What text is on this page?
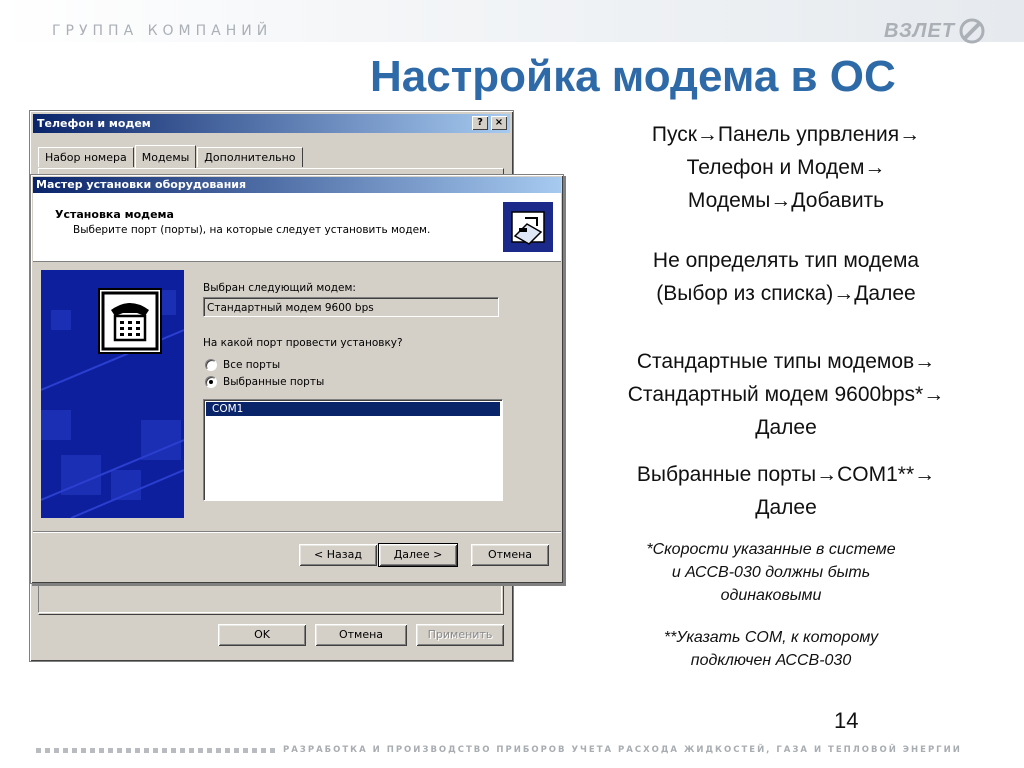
ГРУППА КОМПАНИЙ	ВЗЛЕТ
Настройка модема в ОС
Телефон и модем	?	×
Набор номера	Модемы	Дополнительно
OK	Отмена	Применить
Мастер установки оборудования
Установка модема
Выберите порт (порты), на которые следует установить модем.
Выбран следующий модем:
Стандартный модем 9600 bps
На какой порт провести установку?
Все порты
Выбранные порты
COM1
< Назад	Далее >	Отмена
Пуск→Панель упрвления→
Телефон и Модем→
Модемы→Добавить
Не определять тип модема
(Выбор из списка)→Далее
Стандартные типы модемов→
Стандартный модем 9600bps*→
Далее
Выбранные порты→COM1**→
Далее
*Скорости указанные в системе
и АССВ-030 должны быть
одинаковыми
**Указать COM, к которому
подключен АССВ-030
14
РАЗРАБОТКА И ПРОИЗВОДСТВО ПРИБОРОВ УЧЕТА РАСХОДА ЖИДКОСТЕЙ, ГАЗА И ТЕПЛОВОЙ ЭНЕРГИИ
